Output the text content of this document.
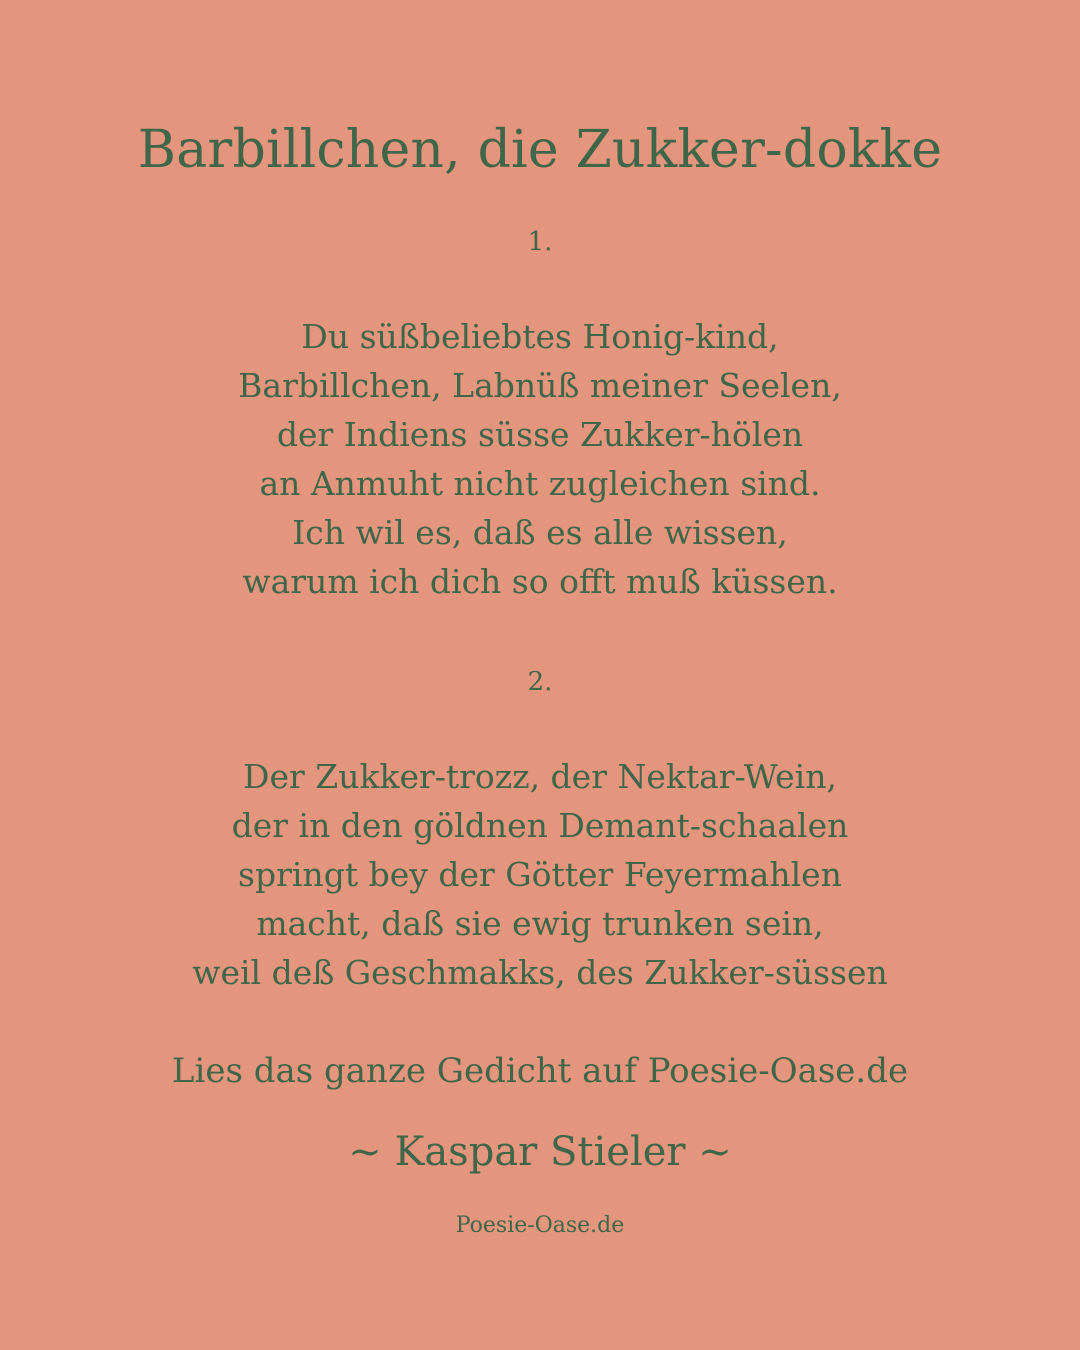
Barbillchen, die Zukker-dokke
1.
Du süßbeliebtes Honig-kind,
Barbillchen, Labnüß meiner Seelen,
der Indiens süsse Zukker-hölen
an Anmuht nicht zugleichen sind.
Ich wil es, daß es alle wissen,
warum ich dich so offt muß küssen.
2.
Der Zukker-trozz, der Nektar-Wein,
der in den göldnen Demant-schaalen
springt bey der Götter Feyermahlen
macht, daß sie ewig trunken sein,
weil deß Geschmakks, des Zukker-süssen
Lies das ganze Gedicht auf Poesie-Oase.de
~ Kaspar Stieler ~
Poesie-Oase.de
